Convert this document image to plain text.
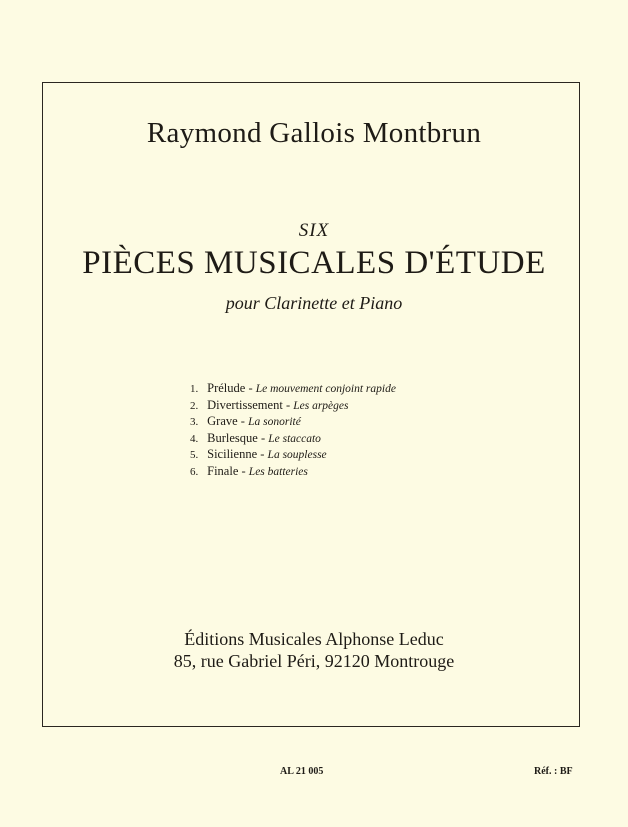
Raymond Gallois Montbrun
SIX
PIÈCES MUSICALES D'ÉTUDE
pour Clarinette et Piano
1. Prélude - Le mouvement conjoint rapide
2. Divertissement - Les arpèges
3. Grave - La sonorité
4. Burlesque - Le staccato
5. Sicilienne - La souplesse
6. Finale - Les batteries
Éditions Musicales Alphonse Leduc
85, rue Gabriel Péri, 92120 Montrouge
AL 21 005	Réf. : BF
